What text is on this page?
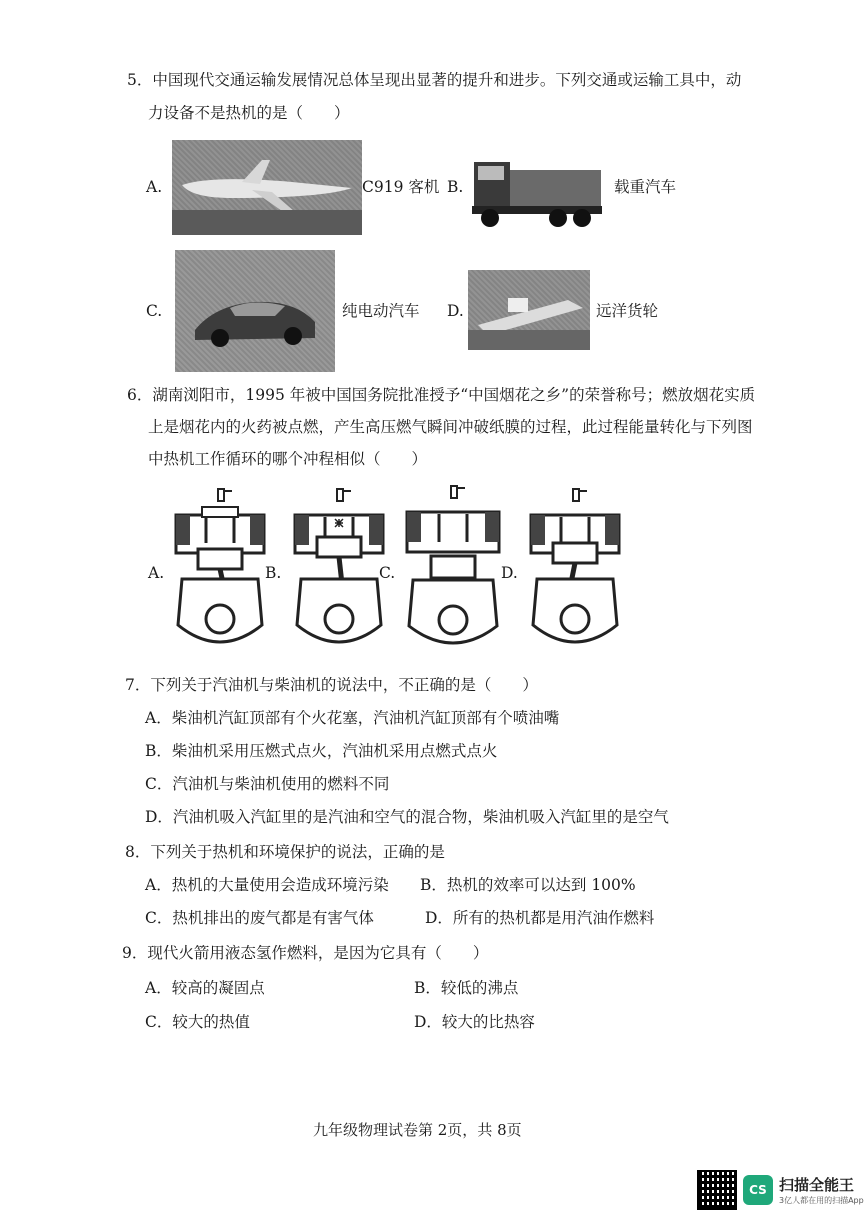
5．中国现代交通运输发展情况总体呈现出显著的提升和进步。下列交通或运输工具中，动
力设备不是热机的是（　　）
A.	C919 客机 B.	载重汽车
C.	纯电动汽车 D.	远洋货轮
6．湖南浏阳市，1995 年被中国国务院批准授予“中国烟花之乡”的荣誉称号；燃放烟花实质
上是烟花内的火药被点燃，产生高压燃气瞬间冲破纸膜的过程，此过程能量转化与下列图
中热机工作循环的哪个冲程相似（　　）
A.	B.	C.	D.
7．下列关于汽油机与柴油机的说法中，不正确的是（　　）
A．柴油机汽缸顶部有个火花塞，汽油机汽缸顶部有个喷油嘴
B．柴油机采用压燃式点火，汽油机采用点燃式点火
C．汽油机与柴油机使用的燃料不同
D．汽油机吸入汽缸里的是汽油和空气的混合物，柴油机吸入汽缸里的是空气
8．下列关于热机和环境保护的说法，正确的是
A．热机的大量使用会造成环境污染 B．热机的效率可以达到 100%
C．热机排出的废气都是有害气体	D．所有的热机都是用汽油作燃料
9．现代火箭用液态氢作燃料，是因为它具有（　　）
A．较高的凝固点	B．较低的沸点
C．较大的热值	D．较大的比热容
九年级物理试卷第 2页，共 8页
CS 扫描全能王
3亿人都在用的扫描App
